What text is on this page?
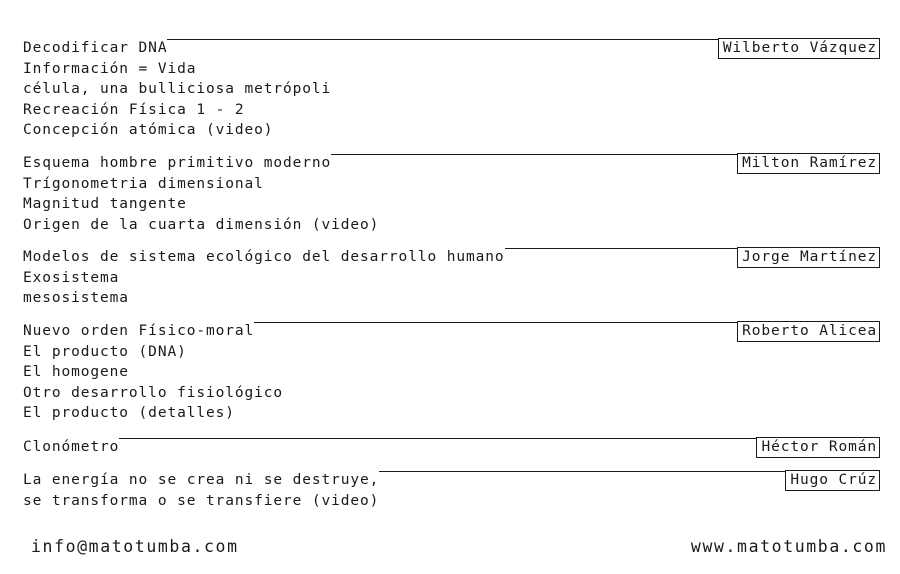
Decodificar DNA	Wilberto Vázquez
Información = Vida
célula, una bulliciosa metrópoli
Recreación Física 1 - 2
Concepción atómica (video)
Esquema hombre primitivo moderno	Milton Ramírez
Trígonometria dimensional
Magnitud tangente
Origen de la cuarta dimensión (video)
Modelos de sistema ecológico del desarrollo humano	Jorge Martínez
Exosistema
mesosistema
Nuevo orden Físico-moral	Roberto Alicea
El producto (DNA)
El homogene
Otro desarrollo fisiológico
El producto (detalles)
Clonómetro	Héctor Román
La energía no se crea ni se destruye,	Hugo Crúz
se transforma o se transfiere (video)
info@matotumba.com	www.matotumba.com
